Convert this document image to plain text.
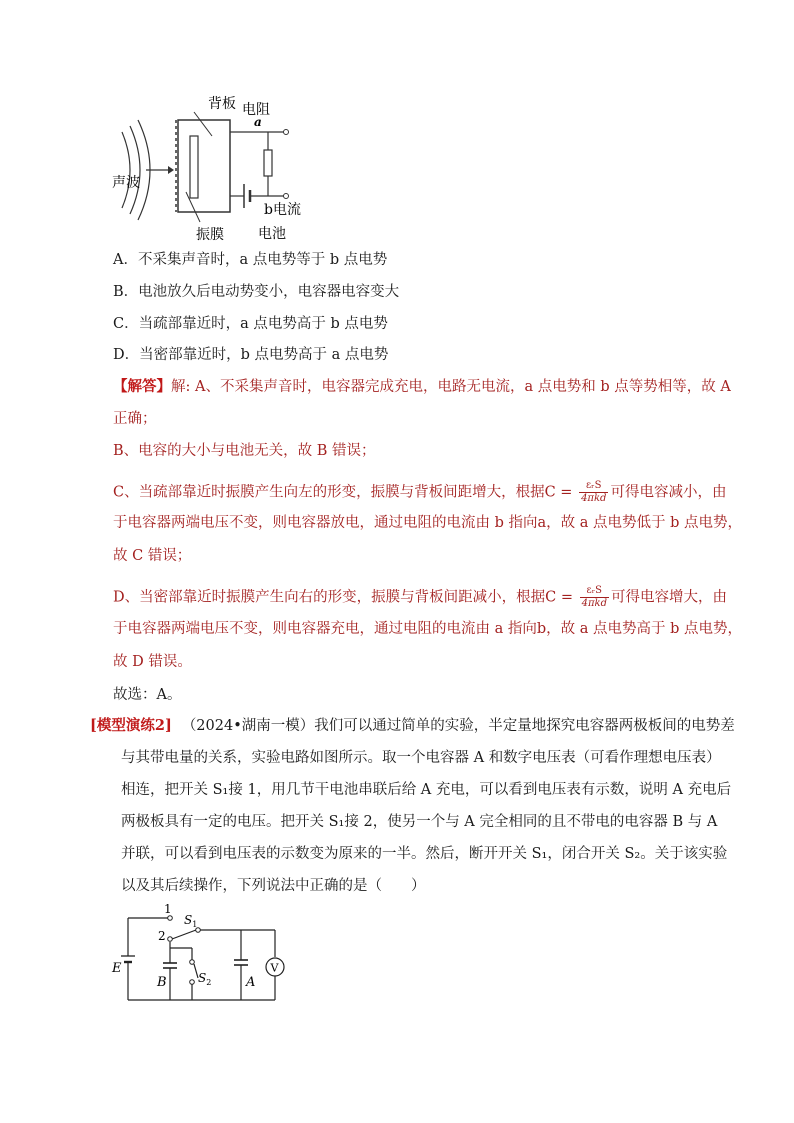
声波
背板
振膜
a
电阻
b电流
电池
A．不采集声音时，a 点电势等于 b 点电势
B．电池放久后电动势变小，电容器电容变大
C．当疏部靠近时，a 点电势高于 b 点电势
D．当密部靠近时，b 点电势高于 a 点电势
【解答】解: A、不采集声音时，电容器完成充电，电路无电流，a 点电势和 b 点等势相等，故 A
正确；
B、电容的大小与电池无关，故 B 错误；
C、当疏部靠近时振膜产生向左的形变，振膜与背板间距增大，根据$C = \frac{\text{εᵣS}}{\text{4πkd}}$ 可得电容减小，由
于电容器两端电压不变，则电容器放电，通过电阻的电流由 b 指向a，故 a 点电势低于 b 点电势，
故 C 错误；
D、当密部靠近时振膜产生向右的形变，振膜与背板间距减小，根据$C = \frac{\text{εᵣS}}{\text{4πkd}}$ 可得电容增大，由
于电容器两端电压不变，则电容器充电，通过电阻的电流由 a 指向b，故 a 点电势高于 b 点电势，
故 D 错误。
故选：A。
[模型演练2] （2024•湖南一模）我们可以通过简单的实验，半定量地探究电容器两极板间的电势差
与其带电量的关系，实验电路如图所示。取一个电容器 A 和数字电压表（可看作理想电压表）
相连，把开关 S₁接 1，用几节干电池串联后给 A 充电，可以看到电压表有示数，说明 A 充电后
两极板具有一定的电压。把开关 S₁接 2，使另一个与 A 完全相同的且不带电的电容器 B 与 A
并联，可以看到电压表的示数变为原来的一半。然后，断开开关 S₁，闭合开关 S₂。关于该实验
以及其后续操作，下列说法中正确的是（　　）
E
1
2
$S_1$
B	$S_2$	A
V
